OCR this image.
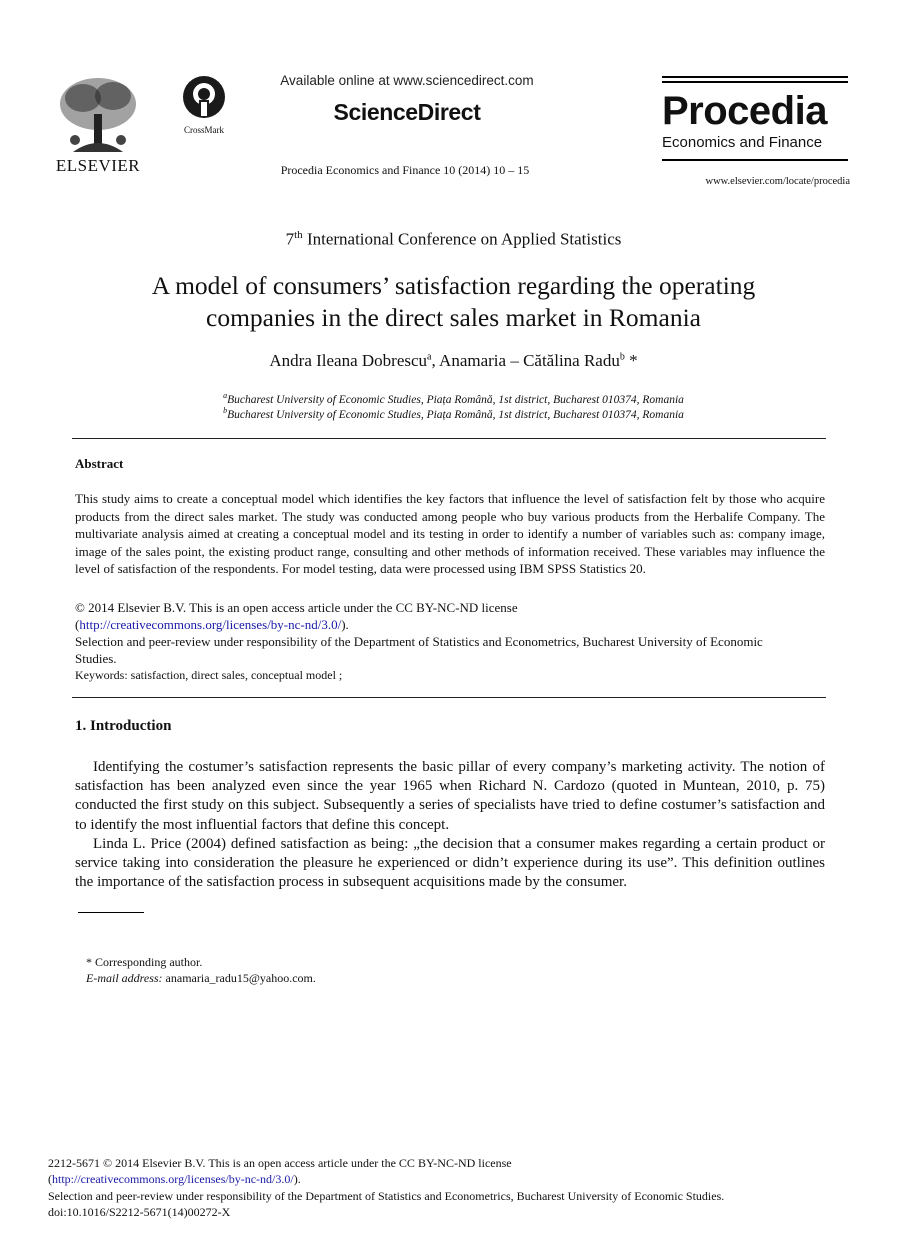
ELSEVIER
CrossMark
Available online at www.sciencedirect.com
ScienceDirect
Procedia Economics and Finance 10 (2014) 10 – 15
Procedia
Economics and Finance
www.elsevier.com/locate/procedia
7th International Conference on Applied Statistics
A model of consumers’ satisfaction regarding the operating
companies in the direct sales market in Romania
Andra Ileana Dobrescu$^a$, Anamaria – Cătălina Radu$^b$ *
$^a$Bucharest University of Economic Studies, Piața Română, 1st district, Bucharest 010374, Romania
$^b$Bucharest University of Economic Studies, Piața Română, 1st district, Bucharest 010374, Romania
Abstract
This study aims to create a conceptual model which identifies the key factors that influence the level of satisfaction felt by those who acquire products from the direct sales market. The study was conducted among people who buy various products from the Herbalife Company. The multivariate analysis aimed at creating a conceptual model and its testing in order to identify a number of variables such as: company image, image of the sales point, the existing product range, consulting and other methods of information received. These variables may influence the level of satisfaction of the respondents. For model testing, data were processed using IBM SPSS Statistics 20.
© 2014 Elsevier B.V. This is an open access article under the CC BY-NC-ND license
(http://creativecommons.org/licenses/by-nc-nd/3.0/).
Selection and peer-review under responsibility of the Department of Statistics and Econometrics, Bucharest University of Economic Studies.
Keywords: satisfaction, direct sales, conceptual model ;
1. Introduction

Identifying the costumer’s satisfaction represents the basic pillar of every company’s marketing activity. The notion of satisfaction has been analyzed even since the year 1965 when Richard N. Cardozo (quoted in Muntean, 2010, p. 75) conducted the first study on this subject. Subsequently a series of specialists have tried to define costumer’s satisfaction and to identify the most influential factors that define this concept.

Linda L. Price (2004) defined satisfaction as being: „the decision that a consumer makes regarding a certain product or service taking into consideration the pleasure he experienced or didn’t experience during its use”. This definition outlines the importance of the satisfaction process in subsequent acquisitions made by the consumer.

* Corresponding author.
E-mail address: anamaria_radu15@yahoo.com.
2212-5671 © 2014 Elsevier B.V. This is an open access article under the CC BY-NC-ND license
(http://creativecommons.org/licenses/by-nc-nd/3.0/).
Selection and peer-review under responsibility of the Department of Statistics and Econometrics, Bucharest University of Economic Studies.
doi:10.1016/S2212-5671(14)00272-X
